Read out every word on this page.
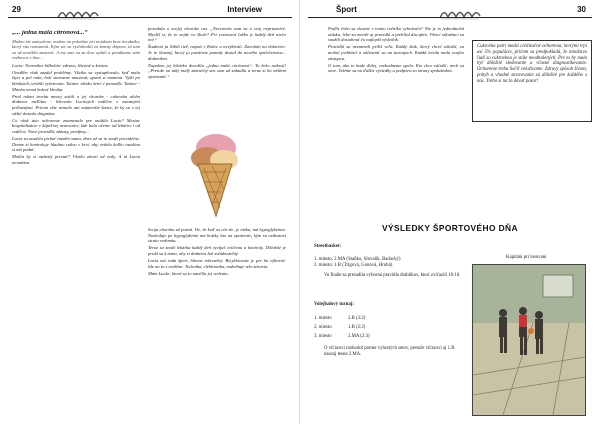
29	Interview
„... jedna malá citrónová...“

Možno ste zamyslene, možno na poludnie pri nejakom brze úvodníku, ktorý vás rozosmial. Kým ste sa vyslobodili zo zmeny dojmov, tá tam sa už nestihla zastaviť. A my sme sa za ňou vydali a ponúkame vám rozhovor s ňou...

Lucia: Normálne bilbolito- zdravo, šťastné a krásne.

Onedlho však zazdal problémy. Všetko sa vystupňovalo, keď mala štyri a pol roka, boli starostne unavená, spomí si mamina. Vyšli po klinikách, urobili vyšetrenia. Tatiner všetko šetrí v pomodle. Tatiner - Mnoho nemá bolesť klinika.

Pred rokmi trochu menej zistili o jej chorobe - cukrovka alebo diabetes mellitus - lekovala Luciiných rodičov s ostatnými príbuznými. Pritom ešte nemalo ani najmenšie šance, že by sa v tej vášní dostala diagnóza.

Co však tuto ochorenie znamenalo pre malúlu Luciu? Mesiac hospitalizácie v kúpeľnej nemocnici, kde bola učenie od lekárov i od rodičov. Nové pravidlá, zákazy, predpisy...

Lucia sa naučila pichať inzulín sama, dnes už sa to snaží pravidelne. Denne si kontroluje hladinu cukru v krvi, aby vedela koľko inzulínu si má podať.

Mohla by si niekedy prestať? Všetko závisí od vedy. A tú Lucia nevzdáva.

povedala o svojej chorobe raz. „Nevravela som sa o svoj nepriaznivé. Myslíš si, že to nejde vo škole? Pri cestovaní ťažko je každý deň niečo iné.“

Študenti ju ľúbili tiež, najmä v Rožve a nevýžívali. Zavolala na doktorov: Je to šťastný, ktorý ju pozitívne pomaly dostal do nového spoločenstva... diabetikov.

Napokon jej lekárka dovolila „jednu malú citrónovú“. To bolo radosti! „Pretože za taký malý zázračný sen som už zabudla a teraz si ho môžem spomenúť.“

Svoju chorobu už pozná. Vie, že keď sa cíti zle, je nízka, má hypoglykémiu. Nasleduje po hypoglykémii má krátky čas na opatrenie, kým sa nedostaví strata vedomia.

Teraz sa snaží lekárka každý deň vyvíjať cvičenia a kontroly. Dôležité je pridá sa k tomu, aby si diabetes bol zvládnuteľný.

Lucia má rada šport, hlavne rekreačný. Bicyklovanie je pre ňu výborné. Ide na to s rodičmi. Technika, elektronika, nadvihuje telo zdravia.

Mám Lucke, ktorá sa to naučila jej vedeniu.

Šport	30

Podľa čoho sa vlastne v tomto ročníku vyhrávalo? Nie je to jednoduchá otázka, lebo sa menili aj pravidlá a prehľad disciplín. Všetci súťažiaci sa snažili dosiahnuť čo najlepší výsledok.

Pravidlá sa nezmenili príliš veľa. Každý žiak, ktorý chcel súťažiť, sa mohol prihlásiť a zúčastniť sa na turnajoch. Každá trieda mala svojho zástupcu.

O tom, ako to bude ďalej, rozhodneme spolu. Kto chce súťažiť, nech sa ozve. Tešíme sa na ďalšie výsledky a podporu zo strany spolužiakov.

Cukrovka patrí medzi civilizačné ochorenia, ktorými trpí asi 5% populácie, pričom sa predpokladá, že množstvo ľudí so cukrovkou je stále neodhalených. Pre to by mala byť dôležité sledovanie a včasné diagnostikovanie. Ochorenie treba liečiť celoživotne. Zdravý spôsob života, pohyb a vhodné stravovanie sú dôležité pre každého z nás. Treba si na to dávať pozor!
VÝSLEDKY ŠPORTOVÉHO DŇA
Streetbasket:
1. miesto: 2.MA (Staňko, Slovalík, Badacký)
2. miesto: 1.B (Trigová, Gonová, Hrubá)
Vo finále sa presadila výborná pravidla drablikov, ktorí zvíťazili 16:10.
Kapitáni pri losovaní
Volejbalový turnaj:
1. miesto	2.B (3:2)
2. miesto	1.B (2:2)
3. miesto	2.MA (2:3)
O víťazovi rozhodol pomer vyhratých setov, pretože víťazovi aj 1.B naozaj tesne 2.MA.
